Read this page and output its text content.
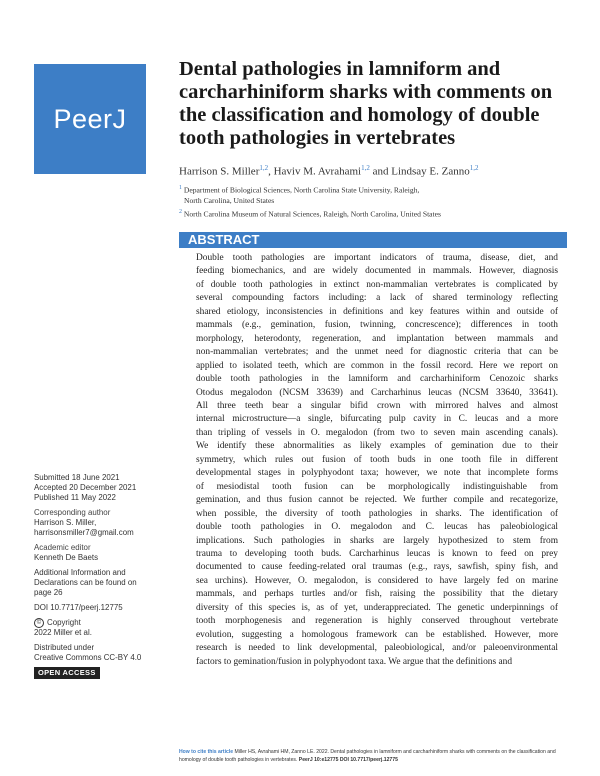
PeerJ
Dental pathologies in lamniform and carcharhiniform sharks with comments on the classification and homology of double tooth pathologies in vertebrates
Harrison S. Miller$^{1,2}$, Haviv M. Avrahami$^{1,2}$ and Lindsay E. Zanno$^{1,2}$
$^1$ Department of Biological Sciences, North Carolina State University, Raleigh,
North Carolina, United States
$^2$ North Carolina Museum of Natural Sciences, Raleigh, North Carolina, United States
ABSTRACT
Double tooth pathologies are important indicators of trauma, disease, diet, and
feeding biomechanics, and are widely documented in mammals. However, diagnosis
of double tooth pathologies in extinct non-mammalian vertebrates is complicated by
several compounding factors including: a lack of shared terminology reflecting
shared etiology, inconsistencies in definitions and key features within and outside of
mammals (e.g., gemination, fusion, twinning, concrescence); differences in tooth
morphology, heterodonty, regeneration, and implantation between mammals and
non-mammalian vertebrates; and the unmet need for diagnostic criteria that can be
applied to isolated teeth, which are common in the fossil record. Here we report on
double tooth pathologies in the lamniform and carcharhiniform Cenozoic sharks
Otodus megalodon (NCSM 33639) and Carcharhinus leucas (NCSM 33640, 33641).
All three teeth bear a singular bifid crown with mirrored halves and almost
internal microstructure—a single, bifurcating pulp cavity in C. leucas and a more
than tripling of vessels in O. megalodon (from two to seven main ascending canals).
We identify these abnormalities as likely examples of gemination due to their
symmetry, which rules out fusion of tooth buds in one tooth file in different
developmental stages in polyphyodont taxa; however, we note that incomplete forms
of mesiodistal tooth fusion can be morphologically indistinguishable from
gemination, and thus fusion cannot be rejected. We further compile and recategorize,
when possible, the diversity of tooth pathologies in sharks. The identification of
double tooth pathologies in O. megalodon and C. leucas has paleobiological
implications. Such pathologies in sharks are largely hypothesized to stem from
trauma to developing tooth buds. Carcharhinus leucas is known to feed on prey
documented to cause feeding-related oral traumas (e.g., rays, sawfish, spiny fish, and
sea urchins). However, O. megalodon, is considered to have largely fed on marine
mammals, and perhaps turtles and/or fish, raising the possibility that the dietary
diversity of this species is, as of yet, underappreciated. The genetic underpinnings of
tooth morphogenesis and regeneration is highly conserved throughout vertebrate
evolution, suggesting a homologous framework can be established. However, more
research is needed to link developmental, paleobiological, and/or paleoenvironmental
factors to gemination/fusion in polyphyodont taxa. We argue that the definitions and
Submitted 18 June 2021
Accepted 20 December 2021
Published 11 May 2022
Corresponding author
Harrison S. Miller,
harrisonsmiller7@gmail.com
Academic editor
Kenneth De Baets
Additional Information and
Declarations can be found on
page 26
DOI 10.7717/peerj.12775
© Copyright
2022 Miller et al.
Distributed under
Creative Commons CC-BY 4.0
OPEN ACCESS
How to cite this article Miller HS, Avrahami HM, Zanno LE. 2022. Dental pathologies in lamniform and carcharhiniform sharks with comments on the classification and homology of double tooth pathologies in vertebrates. PeerJ 10:e12775 DOI 10.7717/peerj.12775
